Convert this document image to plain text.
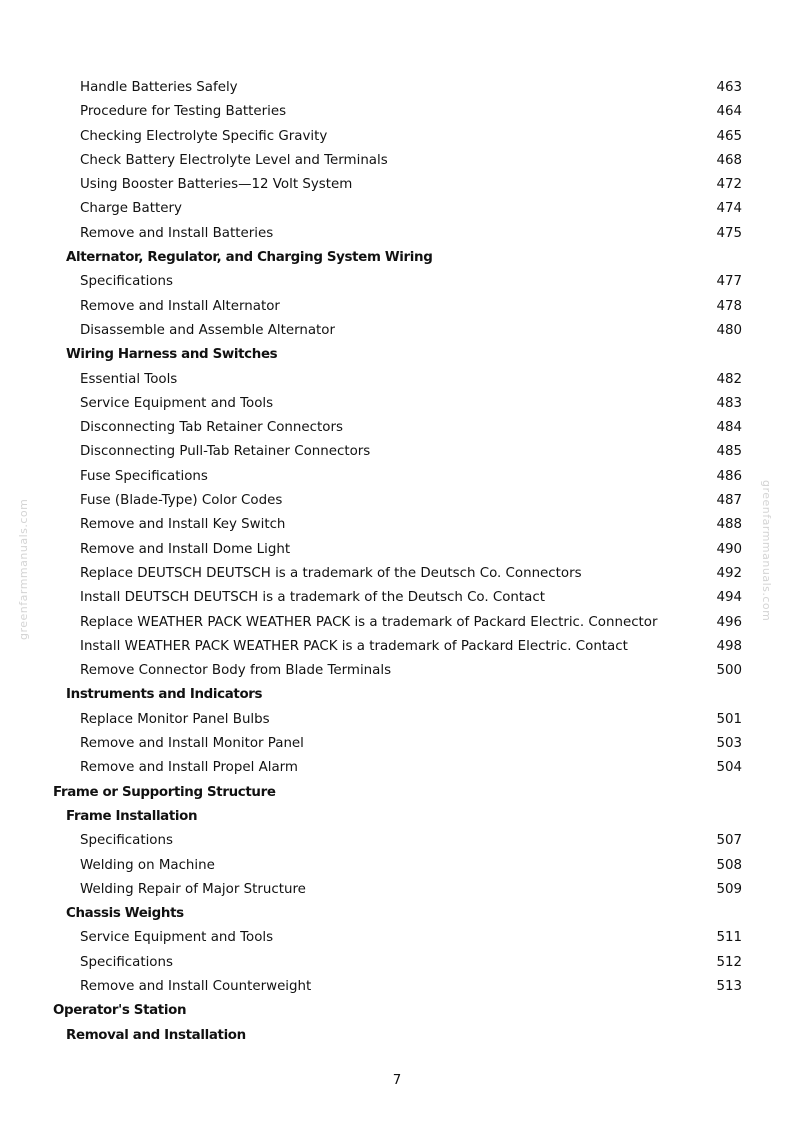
Handle Batteries Safely	463
Procedure for Testing Batteries	464
Checking Electrolyte Specific Gravity	465
Check Battery Electrolyte Level and Terminals	468
Using Booster Batteries—12 Volt System	472
Charge Battery	474
Remove and Install Batteries	475
Alternator, Regulator, and Charging System Wiring
Specifications	477
Remove and Install Alternator	478
Disassemble and Assemble Alternator	480
Wiring Harness and Switches
Essential Tools	482
Service Equipment and Tools	483
Disconnecting Tab Retainer Connectors	484
Disconnecting Pull-Tab Retainer Connectors	485
Fuse Specifications	486
Fuse (Blade-Type) Color Codes	487
Remove and Install Key Switch	488
Remove and Install Dome Light	490
Replace DEUTSCH DEUTSCH is a trademark of the Deutsch Co. Connectors	492
Install DEUTSCH DEUTSCH is a trademark of the Deutsch Co. Contact	494
Replace WEATHER PACK WEATHER PACK is a trademark of Packard Electric. Connector	496
Install WEATHER PACK WEATHER PACK is a trademark of Packard Electric. Contact	498
Remove Connector Body from Blade Terminals	500
Instruments and Indicators
Replace Monitor Panel Bulbs	501
Remove and Install Monitor Panel	503
Remove and Install Propel Alarm	504
Frame or Supporting Structure
Frame Installation
Specifications	507
Welding on Machine	508
Welding Repair of Major Structure	509
Chassis Weights
Service Equipment and Tools	511
Specifications	512
Remove and Install Counterweight	513
Operator's Station
Removal and Installation
greenfarmmanuals.com	greenfarmmanuals.com
7
